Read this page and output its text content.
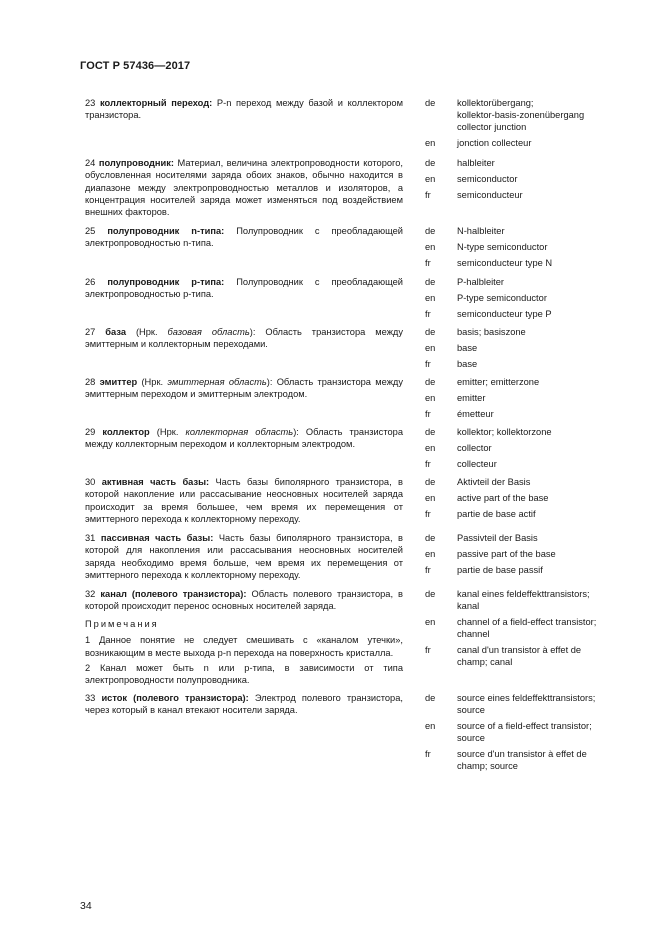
ГОСТ Р 57436—2017
23 коллекторный переход: P-n переход между базой и коллектором транзистора.
de	kollektorübergang;
kollektor-basis-zonenübergang
collector junction
en	jonction collecteur
24 полупроводник: Материал, величина электропроводности которого, обусловленная носителями заряда обоих знаков, обычно находится в диапазоне между электропроводностью металлов и изоляторов, а концентрация носителей заряда может изменяться под воздействием внешних факторов.
de	halbleiter
en	semiconductor
fr	semiconducteur
25 полупроводник n-типа: Полупроводник с преобладающей электропроводностью n-типа.
de	N-halbleiter
en	N-type semiconductor
fr	semiconducteur type N
26 полупроводник p-типа: Полупроводник с преобладающей электропроводностью p-типа.
de	P-halbleiter
en	P-type semiconductor
fr	semiconducteur type P
27 база (Нрк. базовая область): Область транзистора между эмиттерным и коллекторным переходами.
de	basis; basiszone
en	base
fr	base
28 эмиттер (Нрк. эмиттерная область): Область транзистора между эмиттерным переходом и эмиттерным электродом.
de	emitter; emitterzone
en	emitter
fr	émetteur
29 коллектор (Нрк. коллекторная область): Область транзистора между коллекторным переходом и коллекторным электродом.
de	kollektor; kollektorzone
en	collector
fr	collecteur
30 активная часть базы: Часть базы биполярного транзистора, в которой накопление или рассасывание неосновных носителей заряда происходит за время большее, чем время их перемещения от эмиттерного перехода к коллекторному переходу.
de	Aktivteil der Basis
en	active part of the base
fr	partie de base actif
31 пассивная часть базы: Часть базы биполярного транзистора, в которой для накопления или рассасывания неосновных носителей заряда необходимо время больше, чем время их перемещения от эмиттерного перехода к коллекторному переходу.
de	Passivteil der Basis
en	passive part of the base
fr	partie de base passif
32 канал (полевого транзистора): Область полевого транзистора, в которой происходит перенос основных носителей заряда.
de	kanal eines feldeffekttransistors;
kanal
en	channel of a field-effect transistor;
channel
fr	canal d'un transistor à effet de
champ; canal

Примечания

1 Данное понятие не следует смешивать с «каналом утечки», возникающим в месте выхода p-n перехода на поверхность кристалла.

2 Канал может быть n или p-типа, в зависимости от типа электропроводности полупроводника.

33 исток (полевого транзистора): Электрод полевого транзистора, через который в канал втекают носители заряда.
de	source eines feldeffekttransistors;
source
en	source of a field-effect transistor;
source
fr	source d'un transistor à effet de
champ; source
34
